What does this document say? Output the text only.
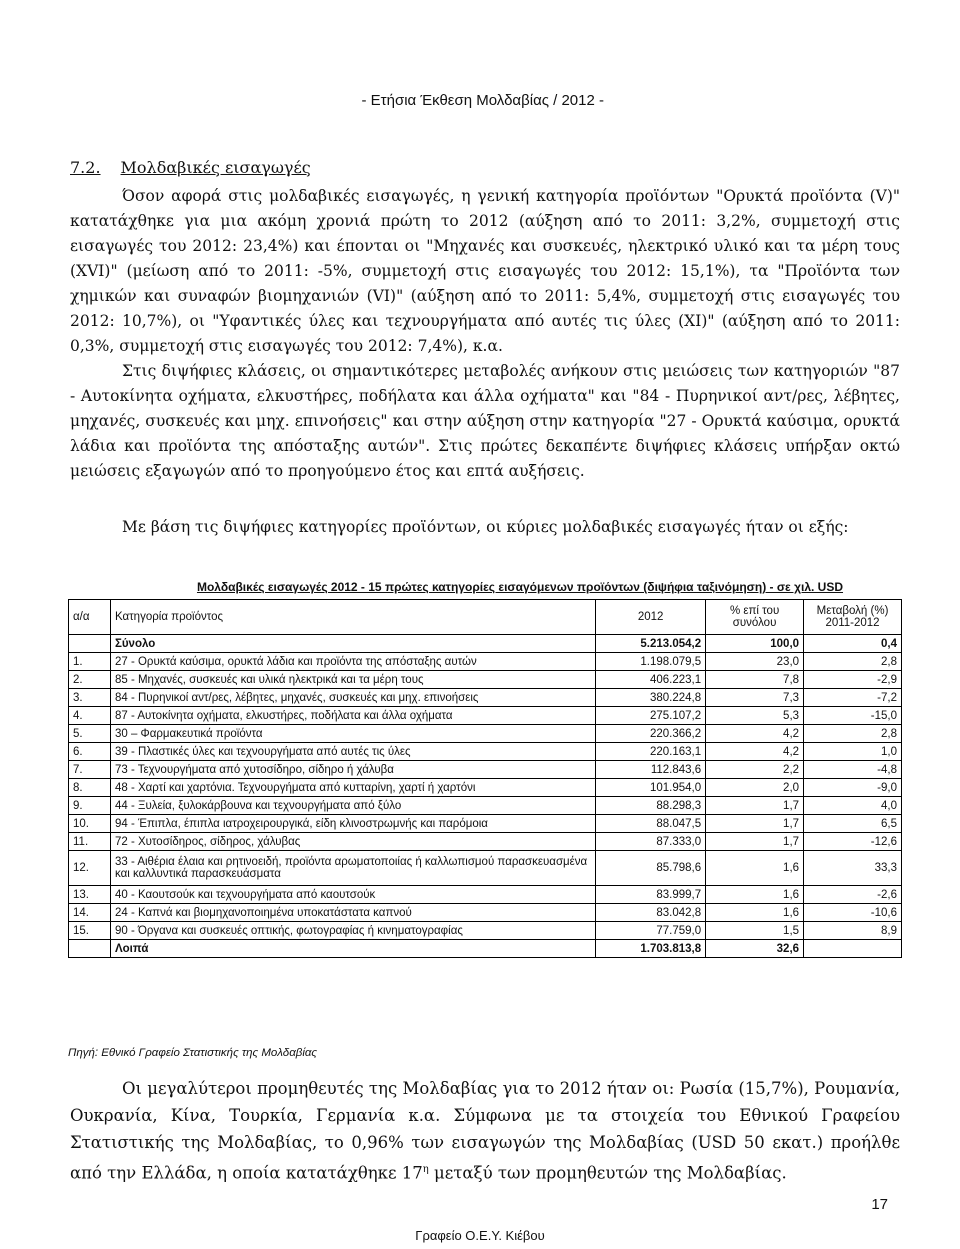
- Ετήσια Έκθεση Μολδαβίας / 2012 -
7.2. Μολδαβικές εισαγωγές

Όσον αφορά στις μολδαβικές εισαγωγές, η γενική κατηγορία προϊόντων "Ορυκτά προϊόντα (V)" κατατάχθηκε για μια ακόμη χρονιά πρώτη το 2012 (αύξηση από το 2011: 3,2%, συμμετοχή στις εισαγωγές του 2012: 23,4%) και έπονται οι "Μηχανές και συσκευές, ηλεκτρικό υλικό και τα μέρη τους (XVI)" (μείωση από το 2011: -5%, συμμετοχή στις εισαγωγές του 2012: 15,1%), τα "Προϊόντα των χημικών και συναφών βιομηχανιών (VI)" (αύξηση από το 2011: 5,4%, συμμετοχή στις εισαγωγές του 2012: 10,7%), οι "Υφαντικές ύλες και τεχνουργήματα από αυτές τις ύλες (XI)" (αύξηση από το 2011: 0,3%, συμμετοχή στις εισαγωγές του 2012: 7,4%), κ.α.

Στις διψήφιες κλάσεις, οι σημαντικότερες μεταβολές ανήκουν στις μειώσεις των κατηγοριών "87 - Αυτοκίνητα οχήματα, ελκυστήρες, ποδήλατα και άλλα οχήματα" και "84 - Πυρηνικοί αντ/ρες, λέβητες, μηχανές, συσκευές και μηχ. επινοήσεις" και στην αύξηση στην κατηγορία "27 - Ορυκτά καύσιμα, ορυκτά λάδια και προϊόντα της απόσταξης αυτών". Στις πρώτες δεκαπέντε διψήφιες κλάσεις υπήρξαν οκτώ μειώσεις εξαγωγών από το προηγούμενο έτος και επτά αυξήσεις.

Με βάση τις διψήφιες κατηγορίες προϊόντων, οι κύριες μολδαβικές εισαγωγές ήταν οι εξής:

Μολδαβικές εισαγωγές 2012 - 15 πρώτες κατηγορίες εισαγόμενων προϊόντων (διψήφια ταξινόμηση) - σε χιλ. USD
α/α	Κατηγορία προϊόντος	2012	% επί του συνόλου	Μεταβολή (%) 2011-2012
	Σύνολο	5.213.054,2	100,0	0,4
1.	27 - Ορυκτά καύσιμα, ορυκτά λάδια και προϊόντα της απόσταξης αυτών	1.198.079,5	23,0	2,8
2.	85 - Μηχανές, συσκευές και υλικά ηλεκτρικά και τα μέρη τους	406.223,1	7,8	-2,9
3.	84 - Πυρηνικοί αντ/ρες, λέβητες, μηχανές, συσκευές και μηχ. επινοήσεις	380.224,8	7,3	-7,2
4.	87 - Αυτοκίνητα οχήματα, ελκυστήρες, ποδήλατα και άλλα οχήματα	275.107,2	5,3	-15,0
5.	30 – Φαρμακευτικά προϊόντα	220.366,2	4,2	2,8
6.	39 - Πλαστικές ύλες και τεχνουργήματα από αυτές τις ύλες	220.163,1	4,2	1,0
7.	73 - Τεχνουργήματα από χυτοσίδηρο, σίδηρο ή χάλυβα	112.843,6	2,2	-4,8
8.	48 - Χαρτί και χαρτόνια. Τεχνουργήματα από κυτταρίνη, χαρτί ή χαρτόνι	101.954,0	2,0	-9,0
9.	44 - Ξυλεία, ξυλοκάρβουνα και τεχνουργήματα από ξύλο	88.298,3	1,7	4,0
10.	94 - Έπιπλα, έπιπλα ιατροχειρουργικά, είδη κλινοστρωμνής και παρόμοια	88.047,5	1,7	6,5
11.	72 - Χυτοσίδηρος, σίδηρος, χάλυβας	87.333,0	1,7	-12,6
12.	33 - Αιθέρια έλαια και ρητινοειδή, προϊόντα αρωματοποιίας ή καλλωπισμού παρασκευασμένα και καλλυντικά παρασκευάσματα	85.798,6	1,6	33,3
13.	40 - Καουτσούκ και τεχνουργήματα από καουτσούκ	83.999,7	1,6	-2,6
14.	24 - Καπνά και βιομηχανοποιημένα υποκατάστατα καπνού	83.042,8	1,6	-10,6
15.	90 - Όργανα και συσκευές οπτικής, φωτογραφίας ή κινηματογραφίας	77.759,0	1,5	8,9
	Λοιπά	1.703.813,8	32,6	
Πηγή: Εθνικό Γραφείο Στατιστικής της Μολδαβίας

Οι μεγαλύτεροι προμηθευτές της Μολδαβίας για το 2012 ήταν οι: Ρωσία (15,7%), Ρουμανία, Ουκρανία, Κίνα, Τουρκία, Γερμανία κ.α. Σύμφωνα με τα στοιχεία του Εθνικού Γραφείου Στατιστικής της Μολδαβίας, το 0,96% των εισαγωγών της Μολδαβίας (USD 50 εκατ.) προήλθε από την Ελλάδα, η οποία κατατάχθηκε $17^\eta$ μεταξύ των προμηθευτών της Μολδαβίας.

17
Γραφείο Ο.Ε.Υ. Κιέβου
